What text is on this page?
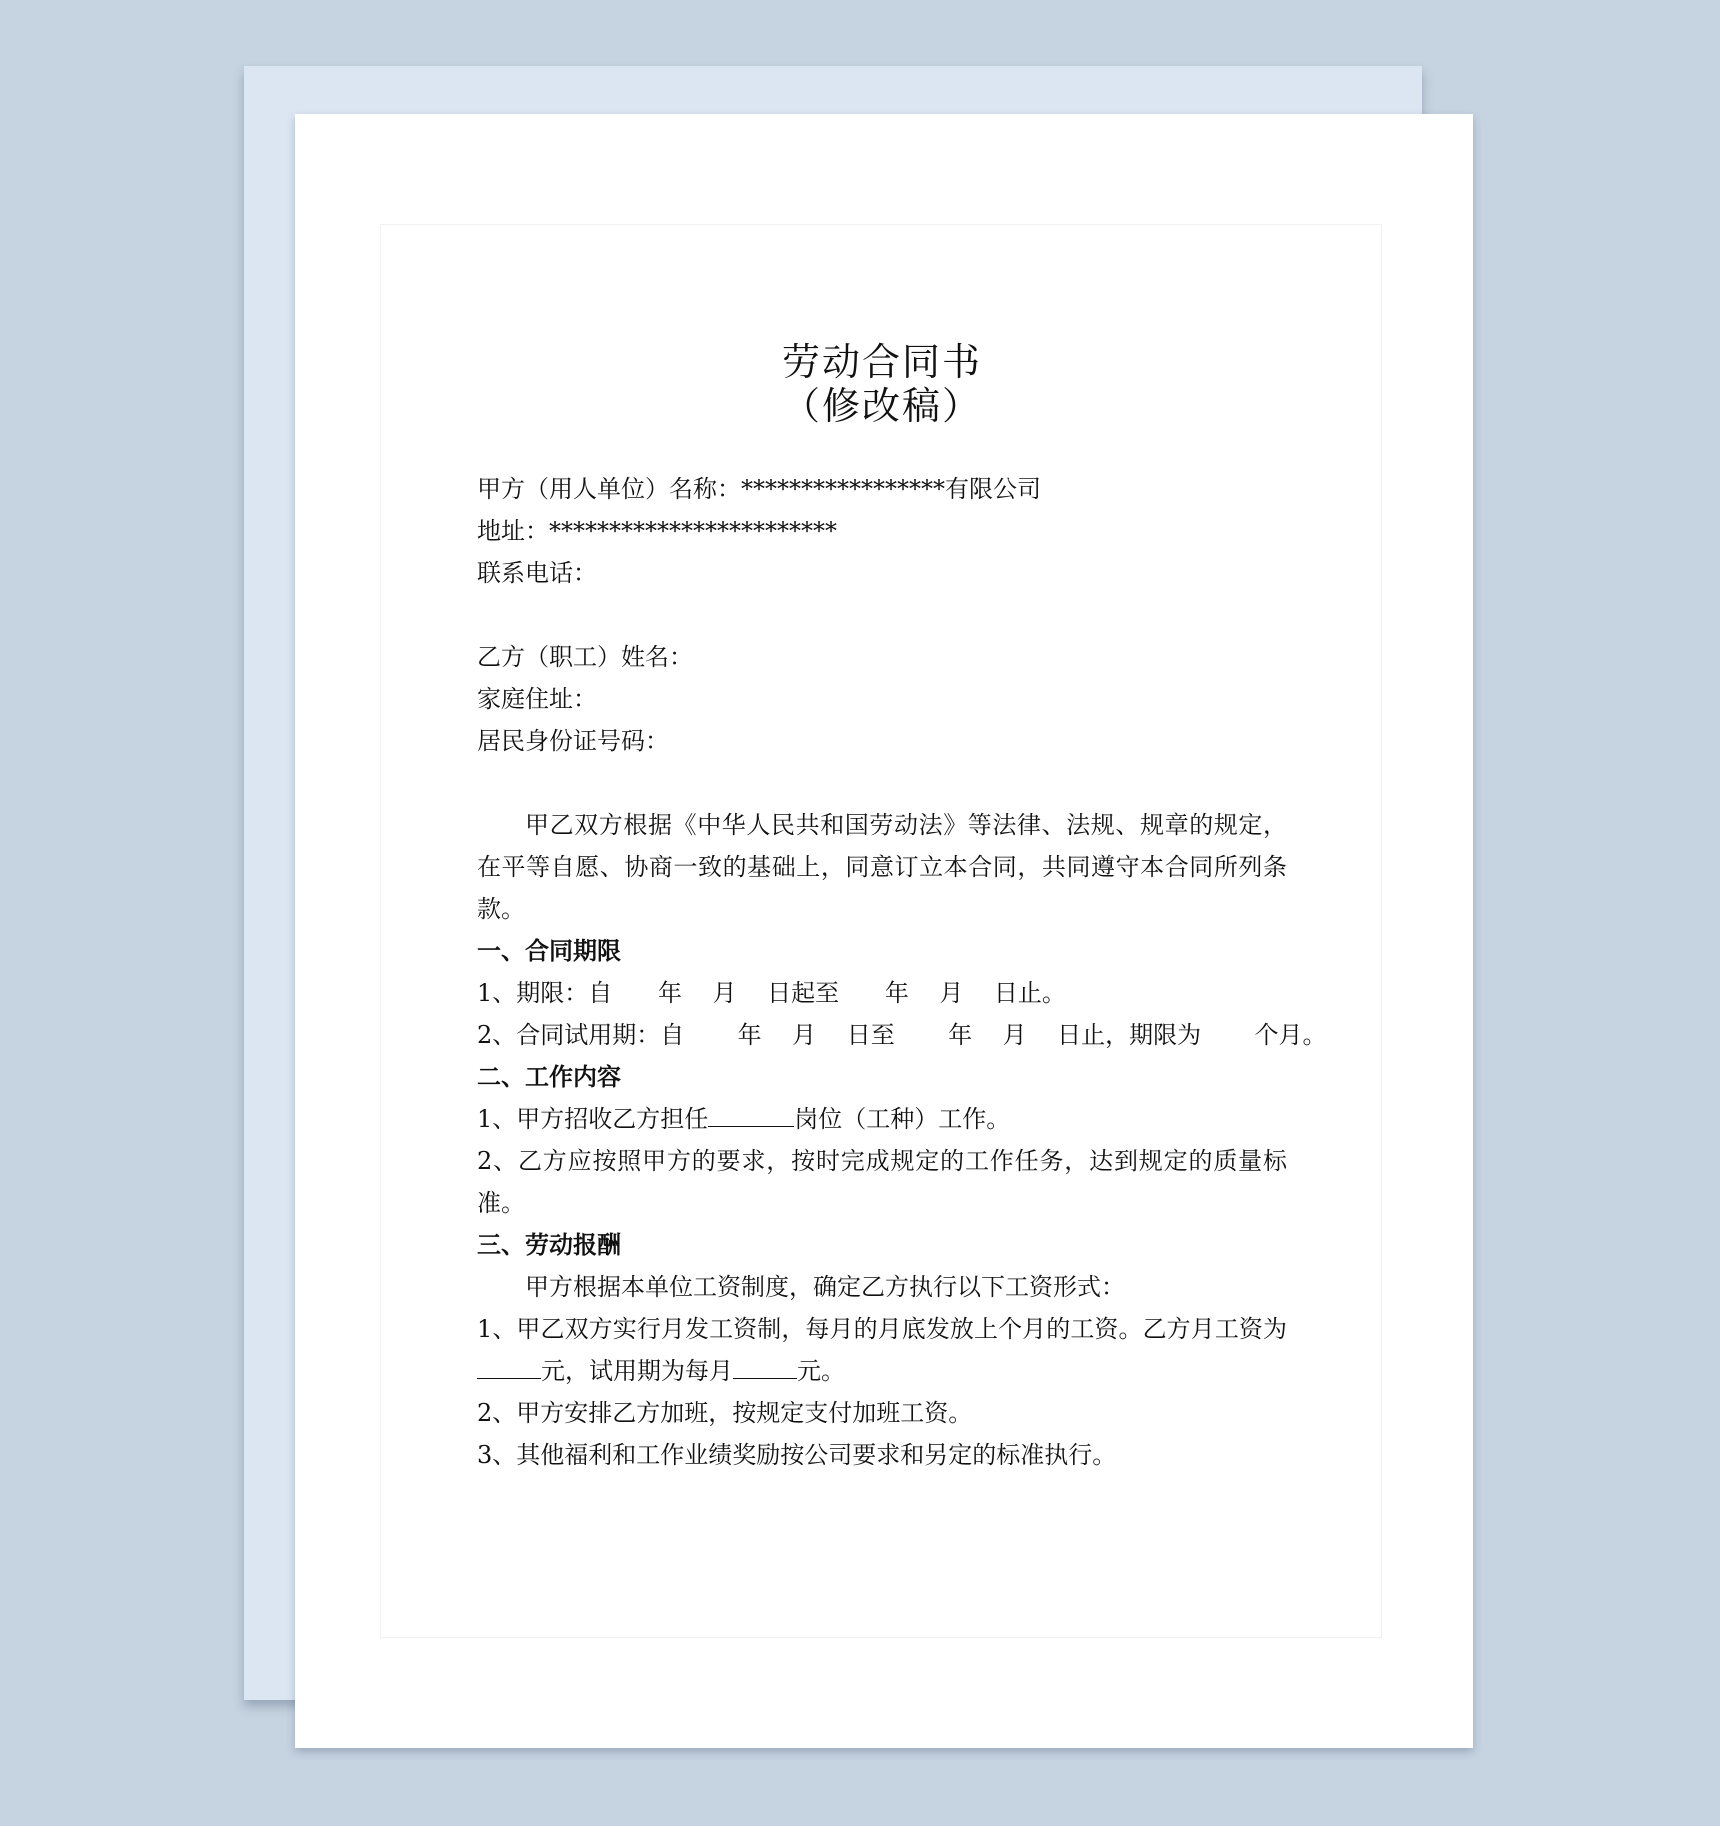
劳动合同书
（修改稿）
甲方（用人单位）名称：*****************有限公司
地址：************************
联系电话：
乙方（职工）姓名：
家庭住址：
居民身份证号码：
甲乙双方根据《中华人民共和国劳动法》等法律、法规、规章的规定，在平等自愿、协商一致的基础上，同意订立本合同，共同遵守本合同所列条款。
一、合同期限
1、期限：自      年    月    日起至      年    月    日止。
2、合同试用期：自       年    月    日至       年    月    日止，期限为       个月。
二、工作内容
1、甲方招收乙方担任	岗位（工种）工作。
2、乙方应按照甲方的要求，按时完成规定的工作任务，达到规定的质量标准。
三、劳动报酬
甲方根据本单位工资制度，确定乙方执行以下工资形式：
1、甲乙双方实行月发工资制，每月的月底发放上个月的工资。乙方月工资为元，试用期为每月	元。
2、甲方安排乙方加班，按规定支付加班工资。
3、其他福利和工作业绩奖励按公司要求和另定的标准执行。
